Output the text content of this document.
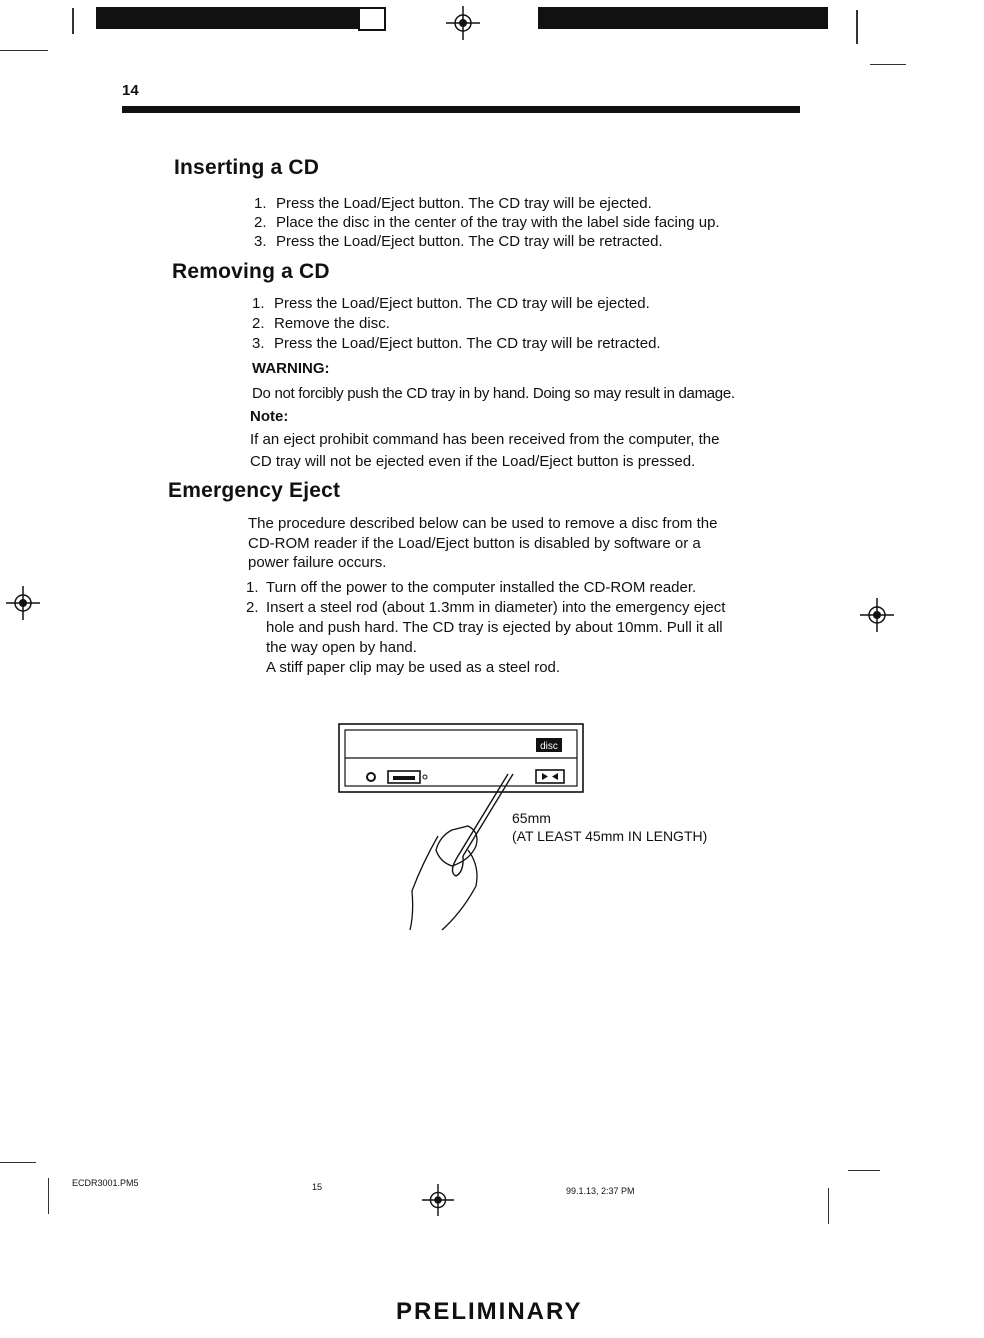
14
Inserting a CD
1. Press the Load/Eject button. The CD tray will be ejected.
2. Place the disc in the center of the tray with the label side facing up.
3. Press the Load/Eject button. The CD tray will be retracted.
Removing a CD
1. Press the Load/Eject button. The CD tray will be ejected.
2. Remove the disc.
3. Press the Load/Eject button. The CD tray will be retracted.
WARNING:
Do not forcibly push the CD tray in by hand. Doing so may result in damage.
Note:
If an eject prohibit command has been received from the computer, the
CD tray will not be ejected even if the Load/Eject button is pressed.
Emergency Eject
The procedure described below can be used to remove a disc from the
CD-ROM reader if the Load/Eject button is disabled by software or a
power failure occurs.
1. Turn off the power to the computer installed the CD-ROM reader.
2. Insert a steel rod (about 1.3mm in diameter) into the emergency eject
hole and push hard. The CD tray is ejected by about 10mm. Pull it all
the way open by hand.
A stiff paper clip may be used as a steel rod.
disc
65mm
(AT LEAST 45mm IN LENGTH)
ECDR3001.PM5	15	99.1.13, 2:37 PM
PRELIMINARY
